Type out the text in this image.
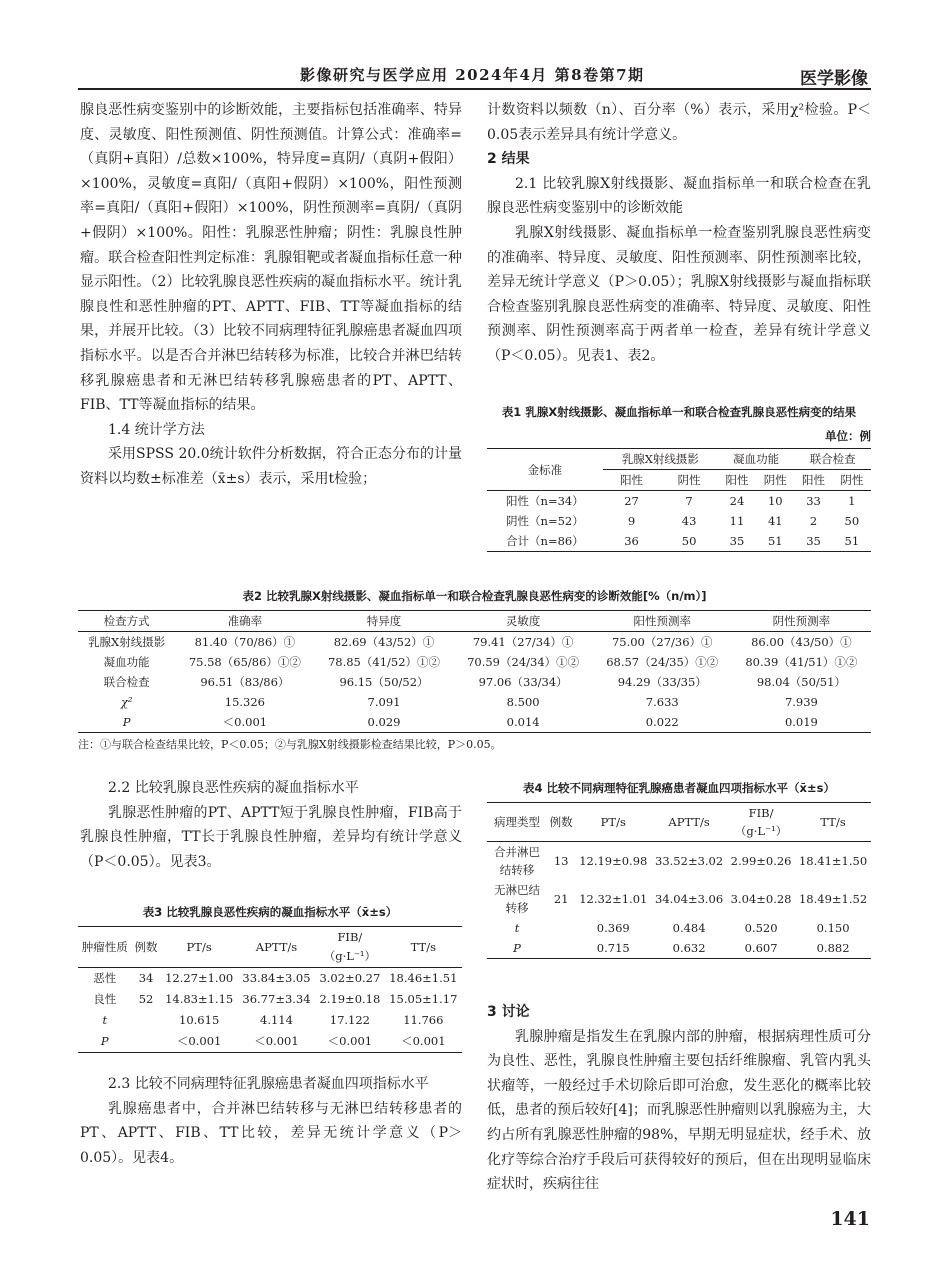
影像研究与医学应用 2024年4月 第8卷第7期	医学影像

腺良恶性病变鉴别中的诊断效能，主要指标包括准确率、特异度、灵敏度、阳性预测值、阴性预测值。计算公式：准确率=（真阴+真阳）/总数×100%，特异度=真阴/（真阴+假阳）×100%，灵敏度=真阳/（真阳+假阴）×100%，阳性预测率=真阳/（真阳+假阳）×100%，阴性预测率=真阴/（真阴+假阴）×100%。阳性：乳腺恶性肿瘤；阴性：乳腺良性肿瘤。联合检查阳性判定标准：乳腺钼靶或者凝血指标任意一种显示阳性。（2）比较乳腺良恶性疾病的凝血指标水平。统计乳腺良性和恶性肿瘤的PT、APTT、FIB、TT等凝血指标的结果，并展开比较。（3）比较不同病理特征乳腺癌患者凝血四项指标水平。以是否合并淋巴结转移为标准，比较合并淋巴结转移乳腺癌患者和无淋巴结转移乳腺癌患者的PT、APTT、FIB、TT等凝血指标的结果。

1.4 统计学方法

采用SPSS 20.0统计软件分析数据，符合正态分布的计量资料以均数±标准差（x̄±s）表示，采用t检验；

计数资料以频数（n）、百分率（%）表示，采用χ²检验。P＜0.05表示差异具有统计学意义。

2 结果

2.1 比较乳腺X射线摄影、凝血指标单一和联合检查在乳腺良恶性病变鉴别中的诊断效能

乳腺X射线摄影、凝血指标单一检查鉴别乳腺良恶性病变的准确率、特异度、灵敏度、阳性预测率、阴性预测率比较，差异无统计学意义（P＞0.05）；乳腺X射线摄影与凝血指标联合检查鉴别乳腺良恶性病变的准确率、特异度、灵敏度、阳性预测率、阴性预测率高于两者单一检查，差异有统计学意义（P＜0.05）。见表1、表2。

表1 乳腺X射线摄影、凝血指标单一和联合检查乳腺良恶性病变的结果
单位：例
金标准	乳腺X射线摄影		凝血功能		联合检查	
	阳性	阴性	阳性	阴性	阳性	阴性
阳性（n=34）	27	7	24	10	33	1
阴性（n=52）	9	43	11	41	2	50
合计（n=86）	36	50	35	51	35	51
表2 比较乳腺X射线摄影、凝血指标单一和联合检查乳腺良恶性病变的诊断效能[%（n/m）]
检查方式	准确率	特异度	灵敏度	阳性预测率	阴性预测率
乳腺X射线摄影	81.40（70/86）①	82.69（43/52）①	79.41（27/34）①	75.00（27/36）①	86.00（43/50）①
凝血功能	75.58（65/86）①②	78.85（41/52）①②	70.59（24/34）①②	68.57（24/35）①②	80.39（41/51）①②
联合检查	96.51（83/86）	96.15（50/52）	97.06（33/34）	94.29（33/35）	98.04（50/51）
χ²	15.326	7.091	8.500	7.633	7.939
P	＜0.001	0.029	0.014	0.022	0.019
注：①与联合检查结果比较，P＜0.05；②与乳腺X射线摄影检查结果比较，P＞0.05。

2.2 比较乳腺良恶性疾病的凝血指标水平

乳腺恶性肿瘤的PT、APTT短于乳腺良性肿瘤，FIB高于乳腺良性肿瘤，TT长于乳腺良性肿瘤，差异均有统计学意义（P＜0.05）。见表3。

表3 比较乳腺良恶性疾病的凝血指标水平（x̄±s）
肿瘤性质	例数	PT/s	APTT/s	FIB/
（g·L⁻¹）	TT/s
恶性	34	12.27±1.00	33.84±3.05	3.02±0.27	18.46±1.51
良性	52	14.83±1.15	36.77±3.34	2.19±0.18	15.05±1.17
t		10.615	4.114	17.122	11.766
P		＜0.001	＜0.001	＜0.001	＜0.001

2.3 比较不同病理特征乳腺癌患者凝血四项指标水平

乳腺癌患者中，合并淋巴结转移与无淋巴结转移患者的PT、APTT、FIB、TT比较，差异无统计学意义（P＞0.05）。见表4。

表4 比较不同病理特征乳腺癌患者凝血四项指标水平（x̄±s）
病理类型	例数	PT/s	APTT/s	FIB/
（g·L⁻¹）	TT/s
合并淋巴结转移	13	12.19±0.98	33.52±3.02	2.99±0.26	18.41±1.50
无淋巴结转移	21	12.32±1.01	34.04±3.06	3.04±0.28	18.49±1.52
t		0.369	0.484	0.520	0.150
P		0.715	0.632	0.607	0.882

3 讨论

乳腺肿瘤是指发生在乳腺内部的肿瘤，根据病理性质可分为良性、恶性，乳腺良性肿瘤主要包括纤维腺瘤、乳管内乳头状瘤等，一般经过手术切除后即可治愈，发生恶化的概率比较低，患者的预后较好[4]；而乳腺恶性肿瘤则以乳腺癌为主，大约占所有乳腺恶性肿瘤的98%，早期无明显症状，经手术、放化疗等综合治疗手段后可获得较好的预后，但在出现明显临床症状时，疾病往往

141
